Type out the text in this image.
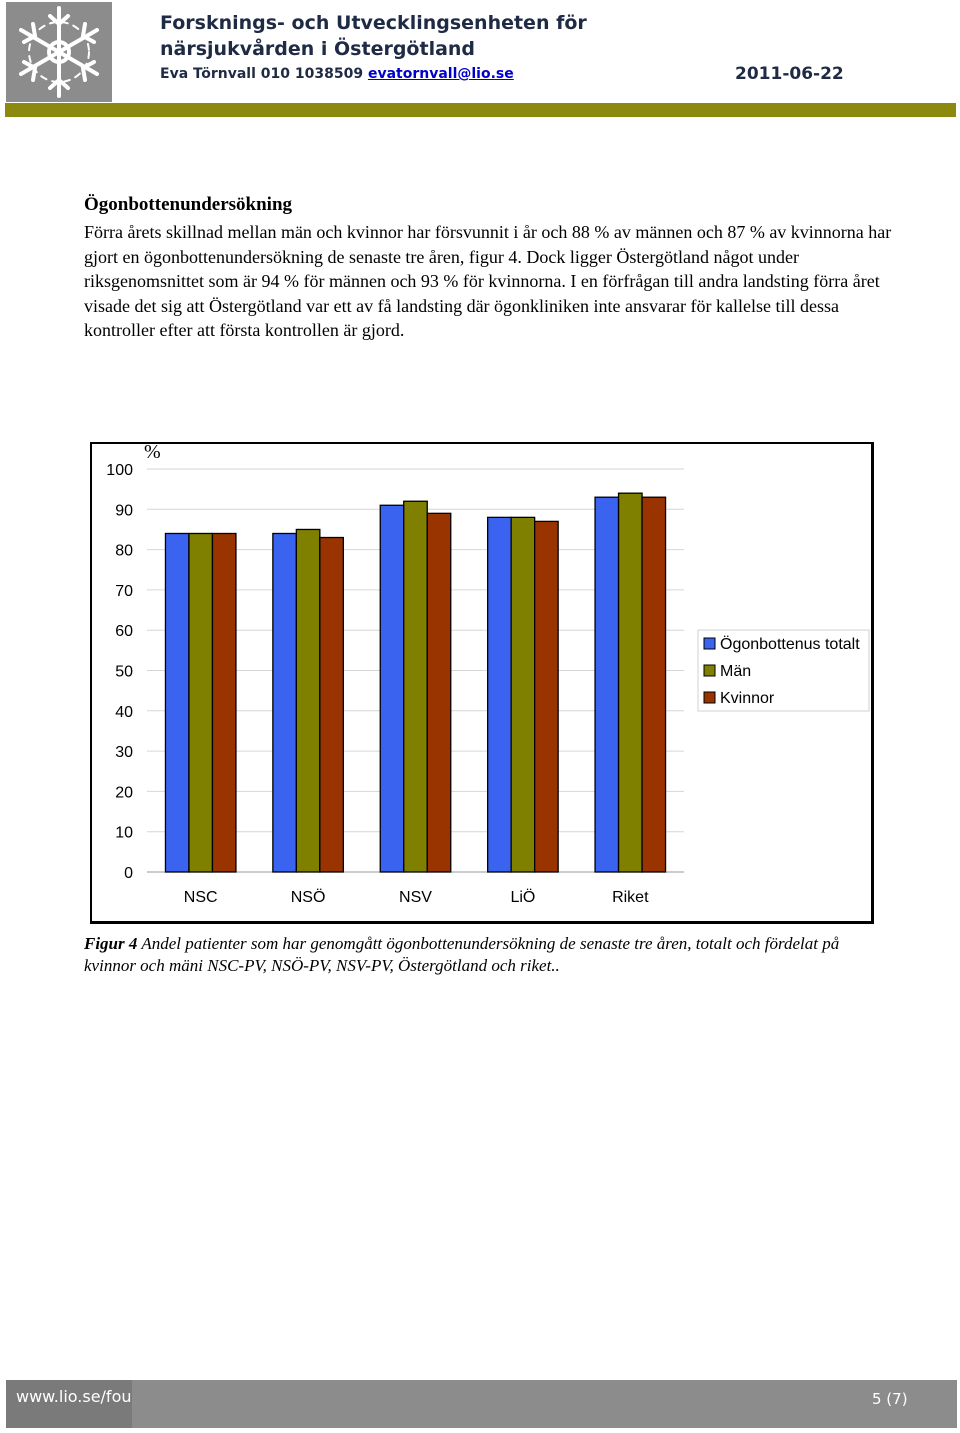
Forsknings- och Utvecklingsenheten för
närsjukvården i Östergötland
Eva Törnvall 010 1038509 evatornvall@lio.se	2011-06-22
Ögonbottenundersökning
Förra årets skillnad mellan män och kvinnor har försvunnit i år och 88 % av männen och 87 % av kvinnorna har gjort en ögonbottenundersökning de senaste tre åren, figur 4. Dock ligger Östergötland något under riksgenomsnittet som är 94 % för männen och 93 % för kvinnorna. I en förfrågan till andra landsting förra året visade det sig att Östergötland var ett av få landsting där ögonkliniken inte ansvarar för kallelse till dessa kontroller efter att första kontrollen är gjord.
0
10
20
30
40
50
60
70
80
90
100
%
NSC	NSÖ	NSV	LiÖ	Riket
Ögonbottenus totalt
Män
Kvinnor
Figur 4 Andel patienter som har genomgått ögonbottenundersökning de senaste tre åren, totalt och fördelat på kvinnor och mäni NSC-PV, NSÖ-PV, NSV-PV, Östergötland och riket..
www.lio.se/fou	5 (7)
